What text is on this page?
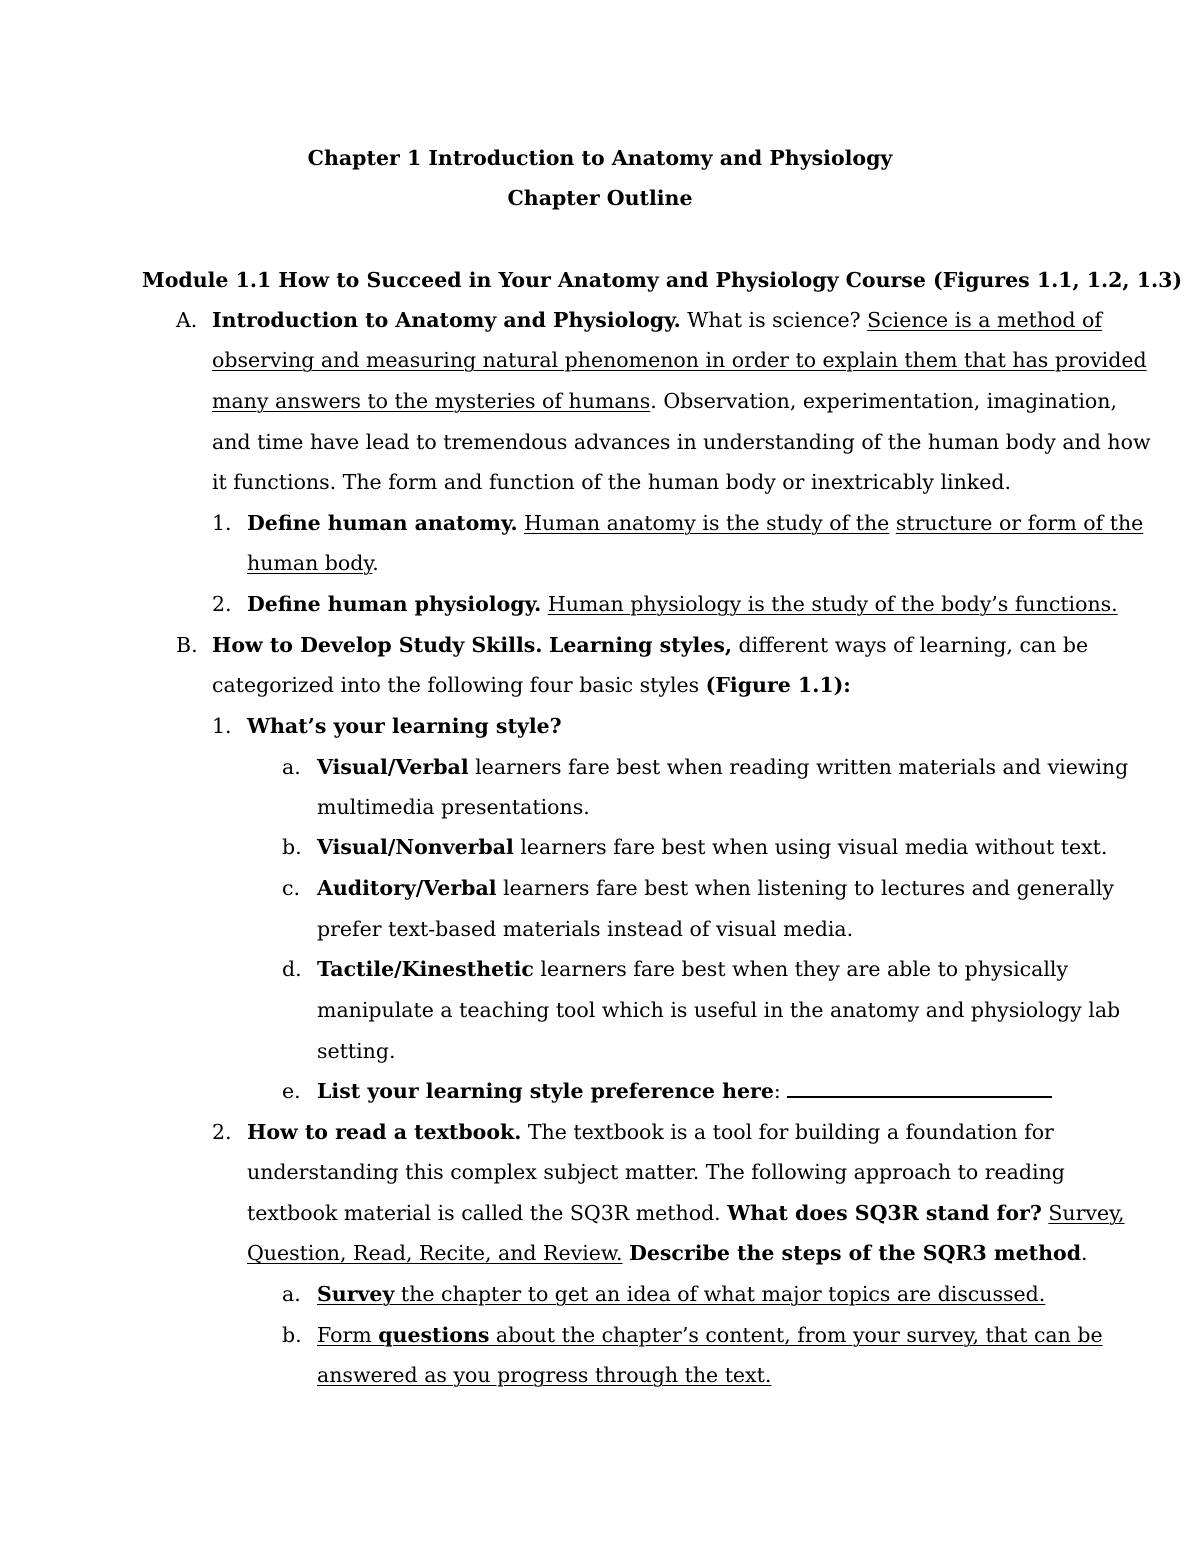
Chapter 1 Introduction to Anatomy and Physiology
Chapter Outline
Module 1.1 How to Succeed in Your Anatomy and Physiology Course (Figures 1.1, 1.2, 1.3)
A. Introduction to Anatomy and Physiology. What is science? Science is a method of
observing and measuring natural phenomenon in order to explain them that has provided
many answers to the mysteries of humans. Observation, experimentation, imagination,
and time have lead to tremendous advances in understanding of the human body and how
it functions. The form and function of the human body or inextricably linked.
1. Define human anatomy. Human anatomy is the study of the structure or form of the
human body.
2. Define human physiology. Human physiology is the study of the body’s functions.
B. How to Develop Study Skills. Learning styles, different ways of learning, can be
categorized into the following four basic styles (Figure 1.1):
1. What’s your learning style?
a. Visual/Verbal learners fare best when reading written materials and viewing
multimedia presentations.
b. Visual/Nonverbal learners fare best when using visual media without text.
c. Auditory/Verbal learners fare best when listening to lectures and generally
prefer text-based materials instead of visual media.
d. Tactile/Kinesthetic learners fare best when they are able to physically
manipulate a teaching tool which is useful in the anatomy and physiology lab
setting.
e. List your learning style preference here:
2. How to read a textbook. The textbook is a tool for building a foundation for
understanding this complex subject matter. The following approach to reading
textbook material is called the SQ3R method. What does SQ3R stand for? Survey,
Question, Read, Recite, and Review. Describe the steps of the SQR3 method.
a. Survey the chapter to get an idea of what major topics are discussed.
b. Form questions about the chapter’s content, from your survey, that can be
answered as you progress through the text.
